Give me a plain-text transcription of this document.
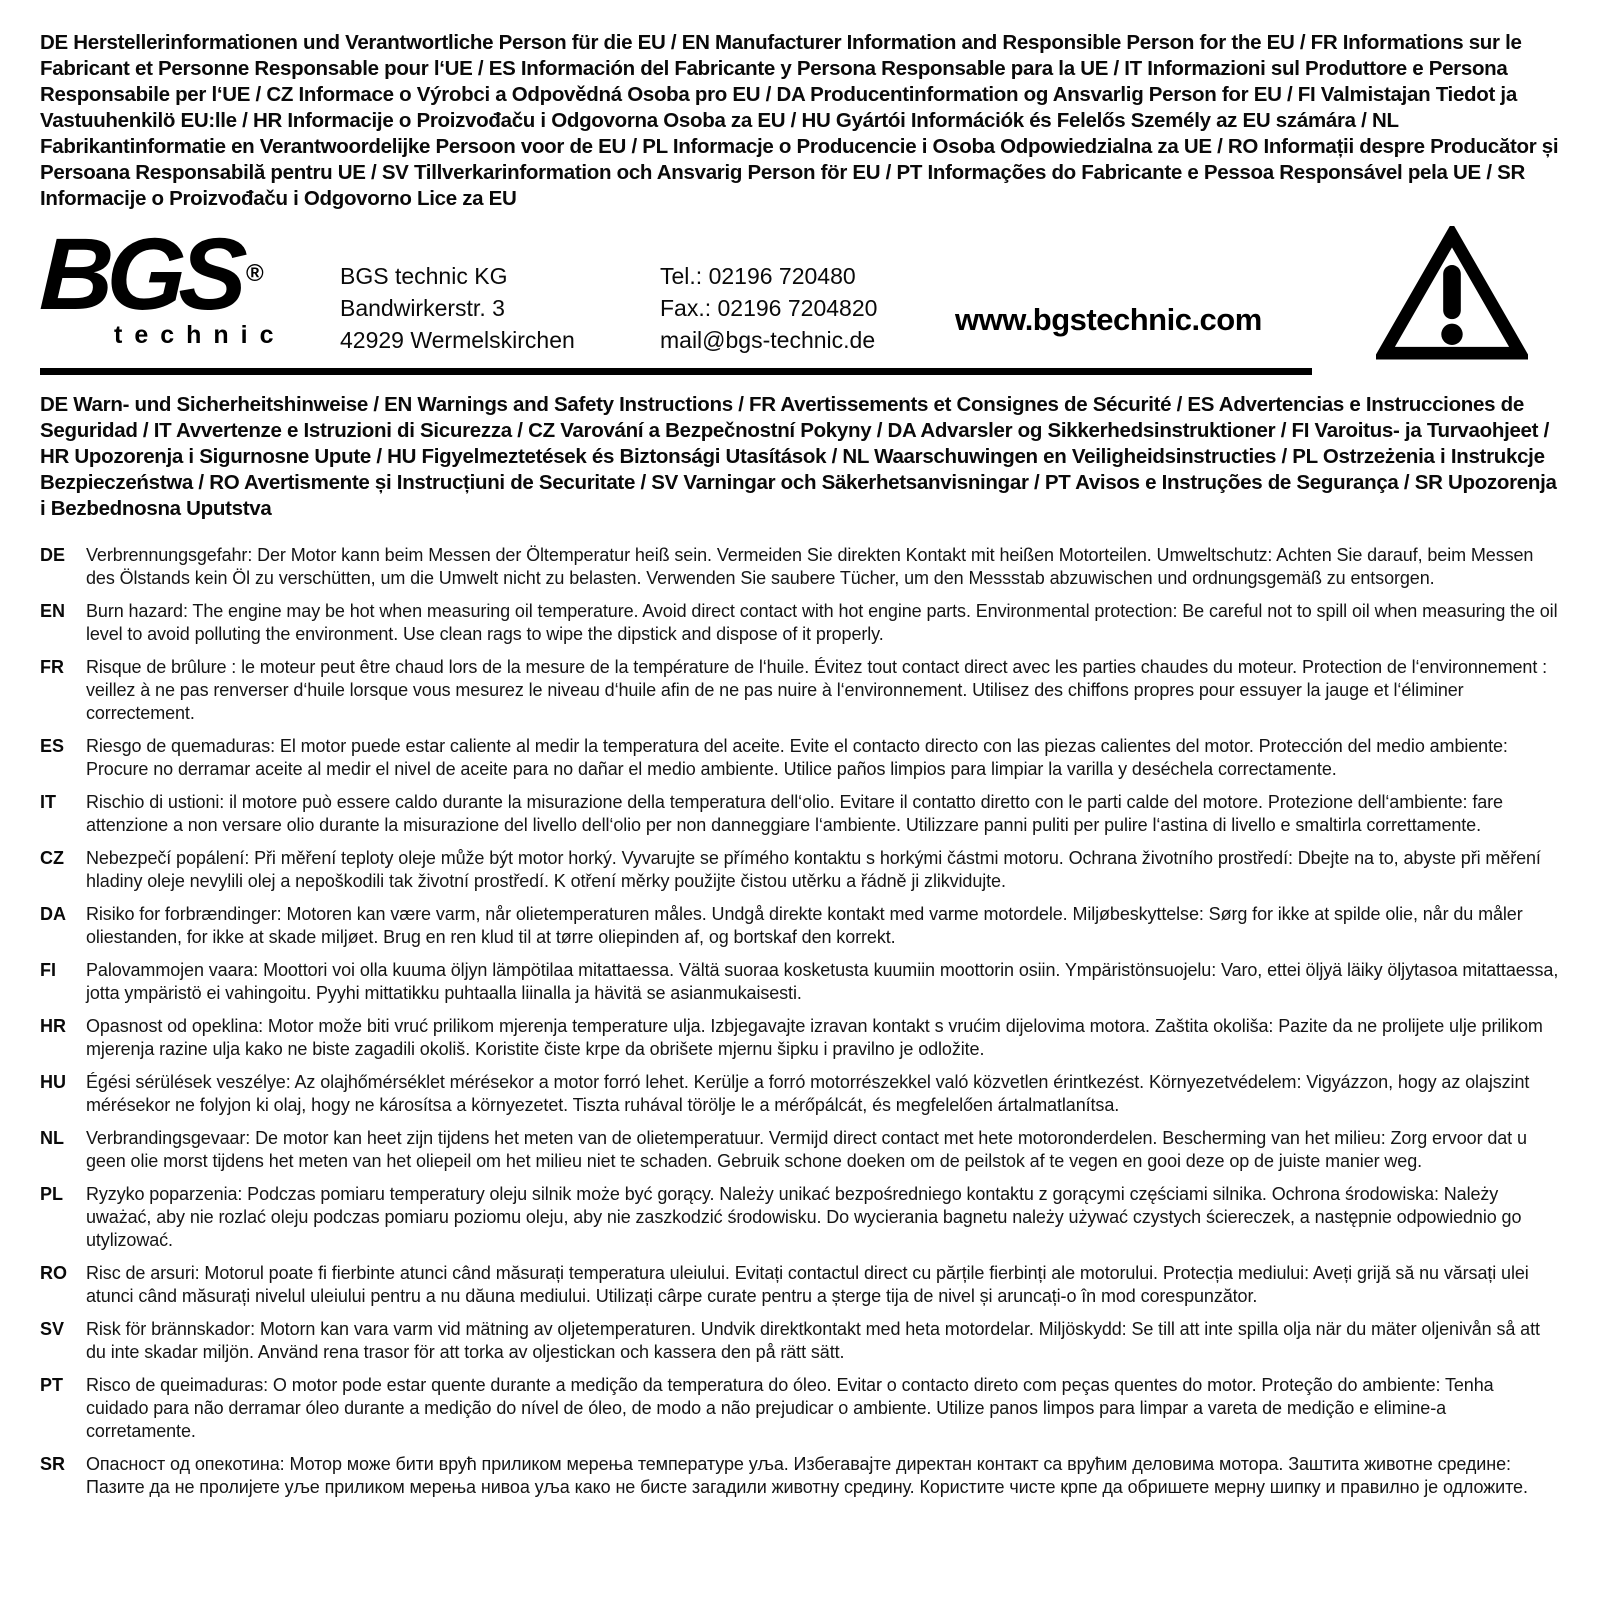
DE Herstellerinformationen und Verantwortliche Person für die EU / EN Manufacturer Information and Responsible Person for the EU / FR Informations sur le Fabricant et Personne Responsable pour l‘UE / ES Información del Fabricante y Persona Responsable para la UE / IT Informazioni sul Produttore e Persona Responsabile per l‘UE / CZ Informace o Výrobci a Odpovědná Osoba pro EU / DA Producentinformation og Ansvarlig Person for EU / FI Valmistajan Tiedot ja Vastuuhenkilö EU:lle / HR Informacije o Proizvođaču i Odgovorna Osoba za EU / HU Gyártói Információk és Felelős Személy az EU számára / NL Fabrikantinformatie en Verantwoordelijke Persoon voor de EU / PL Informacje o Producencie i Osoba Odpowiedzialna za UE / RO Informații despre Producător și Persoana Responsabilă pentru UE / SV Tillverkarinformation och Ansvarig Person för EU / PT Informações do Fabricante e Pessoa Responsável pela UE / SR Informacije o Proizvođaču i Odgovorno Lice za EU

BGS ®
technic
BGS technic KG
Bandwirkerstr. 3
42929 Wermelskirchen
Tel.: 02196 720480
Fax.: 02196 7204820
mail@bgs-technic.de
www.bgstechnic.com

DE Warn- und Sicherheitshinweise / EN Warnings and Safety Instructions / FR Avertissements et Consignes de Sécurité / ES Advertencias e Instrucciones de Seguridad / IT Avvertenze e Istruzioni di Sicurezza / CZ Varování a Bezpečnostní Pokyny / DA Advarsler og Sikkerhedsinstruktioner / FI Varoitus- ja Turvaohjeet / HR Upozorenja i Sigurnosne Upute / HU Figyelmeztetések és Biztonsági Utasítások / NL Waarschuwingen en Veiligheidsinstructies / PL Ostrzeżenia i Instrukcje Bezpieczeństwa / RO Avertismente și Instrucțiuni de Securitate / SV Varningar och Säkerhetsanvisningar / PT Avisos e Instruções de Segurança / SR Upozorenja i Bezbednosna Uputstva

DE	Verbrennungsgefahr: Der Motor kann beim Messen der Öltemperatur heiß sein. Vermeiden Sie direkten Kontakt mit heißen Motorteilen. Umweltschutz: Achten Sie darauf, beim Messen des Ölstands kein Öl zu verschütten, um die Umwelt nicht zu belasten. Verwenden Sie saubere Tücher, um den Messstab abzuwischen und ordnungsgemäß zu entsorgen.

EN	Burn hazard: The engine may be hot when measuring oil temperature. Avoid direct contact with hot engine parts. Environmental protection: Be careful not to spill oil when measuring the oil level to avoid polluting the environment. Use clean rags to wipe the dipstick and dispose of it properly.

FR	Risque de brûlure : le moteur peut être chaud lors de la mesure de la température de l‘huile. Évitez tout contact direct avec les parties chaudes du moteur. Protection de l‘environnement : veillez à ne pas renverser d‘huile lorsque vous mesurez le niveau d‘huile afin de ne pas nuire à l‘environnement. Utilisez des chiffons propres pour essuyer la jauge et l‘éliminer correctement.

ES	Riesgo de quemaduras: El motor puede estar caliente al medir la temperatura del aceite. Evite el contacto directo con las piezas calientes del motor. Protección del medio ambiente: Procure no derramar aceite al medir el nivel de aceite para no dañar el medio ambiente. Utilice paños limpios para limpiar la varilla y deséchela correctamente.

IT	Rischio di ustioni: il motore può essere caldo durante la misurazione della temperatura dell‘olio. Evitare il contatto diretto con le parti calde del motore. Protezione dell‘ambiente: fare attenzione a non versare olio durante la misurazione del livello dell‘olio per non danneggiare l‘ambiente. Utilizzare panni puliti per pulire l‘astina di livello e smaltirla correttamente.

CZ	Nebezpečí popálení: Při měření teploty oleje může být motor horký. Vyvarujte se přímého kontaktu s horkými částmi motoru. Ochrana životního prostředí: Dbejte na to, abyste při měření hladiny oleje nevylili olej a nepoškodili tak životní prostředí. K otření měrky použijte čistou utěrku a řádně ji zlikvidujte.

DA	Risiko for forbrændinger: Motoren kan være varm, når olietemperaturen måles. Undgå direkte kontakt med varme motordele. Miljøbeskyttelse: Sørg for ikke at spilde olie, når du måler oliestanden, for ikke at skade miljøet. Brug en ren klud til at tørre oliepinden af, og bortskaf den korrekt.

FI	Palovammojen vaara: Moottori voi olla kuuma öljyn lämpötilaa mitattaessa. Vältä suoraa kosketusta kuumiin moottorin osiin. Ympäristönsuojelu: Varo, ettei öljyä läiky öljytasoa mitattaessa, jotta ympäristö ei vahingoitu. Pyyhi mittatikku puhtaalla liinalla ja hävitä se asianmukaisesti.

HR	Opasnost od opeklina: Motor može biti vruć prilikom mjerenja temperature ulja. Izbjegavajte izravan kontakt s vrućim dijelovima motora. Zaštita okoliša: Pazite da ne prolijete ulje prilikom mjerenja razine ulja kako ne biste zagadili okoliš. Koristite čiste krpe da obrišete mjernu šipku i pravilno je odložite.

HU	Égési sérülések veszélye: Az olajhőmérséklet mérésekor a motor forró lehet. Kerülje a forró motorrészekkel való közvetlen érintkezést. Környezetvédelem: Vigyázzon, hogy az olajszint mérésekor ne folyjon ki olaj, hogy ne károsítsa a környezetet. Tiszta ruhával törölje le a mérőpálcát, és megfelelően ártalmatlanítsa.

NL	Verbrandingsgevaar: De motor kan heet zijn tijdens het meten van de olietemperatuur. Vermijd direct contact met hete motoronderdelen. Bescherming van het milieu: Zorg ervoor dat u geen olie morst tijdens het meten van het oliepeil om het milieu niet te schaden. Gebruik schone doeken om de peilstok af te vegen en gooi deze op de juiste manier weg.

PL	Ryzyko poparzenia: Podczas pomiaru temperatury oleju silnik może być gorący. Należy unikać bezpośredniego kontaktu z gorącymi częściami silnika. Ochrona środowiska: Należy uważać, aby nie rozlać oleju podczas pomiaru poziomu oleju, aby nie zaszkodzić środowisku. Do wycierania bagnetu należy używać czystych ściereczek, a następnie odpowiednio go utylizować.

RO	Risc de arsuri: Motorul poate fi fierbinte atunci când măsurați temperatura uleiului. Evitați contactul direct cu părțile fierbinți ale motorului. Protecția mediului: Aveți grijă să nu vărsați ulei atunci când măsurați nivelul uleiului pentru a nu dăuna mediului. Utilizați cârpe curate pentru a șterge tija de nivel și aruncați-o în mod corespunzător.

SV	Risk för brännskador: Motorn kan vara varm vid mätning av oljetemperaturen. Undvik direktkontakt med heta motordelar. Miljöskydd: Se till att inte spilla olja när du mäter oljenivån så att du inte skadar miljön. Använd rena trasor för att torka av oljestickan och kassera den på rätt sätt.

PT	Risco de queimaduras: O motor pode estar quente durante a medição da temperatura do óleo. Evitar o contacto direto com peças quentes do motor. Proteção do ambiente: Tenha cuidado para não derramar óleo durante a medição do nível de óleo, de modo a não prejudicar o ambiente. Utilize panos limpos para limpar a vareta de medição e elimine-a corretamente.

SR	Опасност од опекотина: Мотор може бити врућ приликом мерења температуре уља. Избегавајте директан контакт са врућим деловима мотора. Заштита животне средине: Пазите да не пролијете уље приликом мерења нивоа уља како не бисте загадили животну средину. Користите чисте крпе да обришете мерну шипку и правилно је одложите.
